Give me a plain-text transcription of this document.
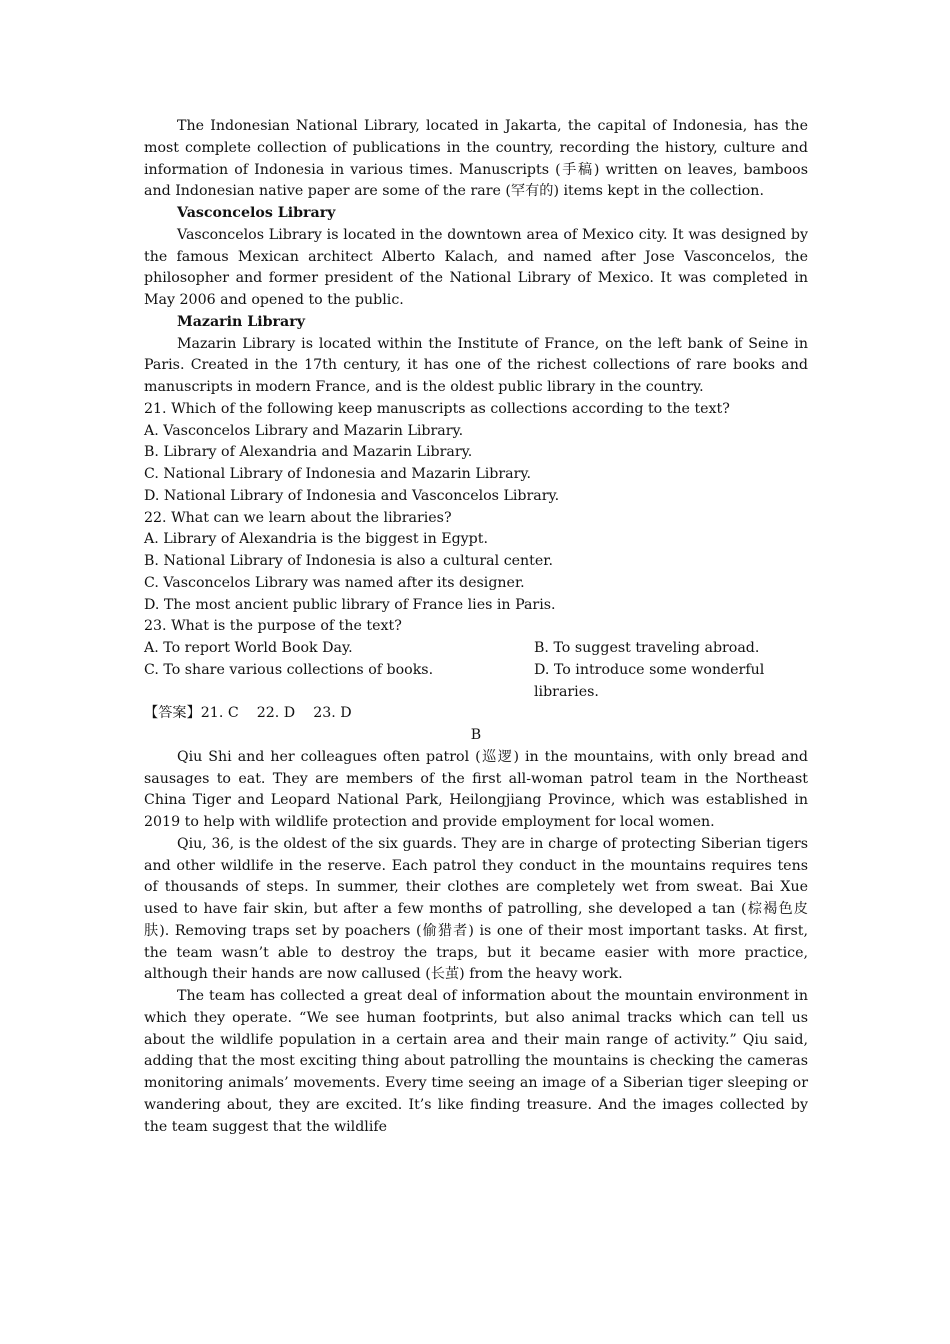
The Indonesian National Library, located in Jakarta, the capital of Indonesia, has the most complete collection of publications in the country, recording the history, culture and information of Indonesia in various times. Manuscripts (手稿) written on leaves, bamboos and Indonesian native paper are some of the rare (罕有的) items kept in the collection.

Vasconcelos Library

Vasconcelos Library is located in the downtown area of Mexico city. It was designed by the famous Mexican architect Alberto Kalach, and named after Jose Vasconcelos, the philosopher and former president of the National Library of Mexico. It was completed in May 2006 and opened to the public.

Mazarin Library

Mazarin Library is located within the Institute of France, on the left bank of Seine in Paris. Created in the 17th century, it has one of the richest collections of rare books and manuscripts in modern France, and is the oldest public library in the country.

21. Which of the following keep manuscripts as collections according to the text?

A. Vasconcelos Library and Mazarin Library.

B. Library of Alexandria and Mazarin Library.

C. National Library of Indonesia and Mazarin Library.

D. National Library of Indonesia and Vasconcelos Library.

22. What can we learn about the libraries?

A. Library of Alexandria is the biggest in Egypt.

B. National Library of Indonesia is also a cultural center.

C. Vasconcelos Library was named after its designer.

D. The most ancient public library of France lies in Paris.

23. What is the purpose of the text?

A. To report World Book Day.	B. To suggest traveling abroad.
C. To share various collections of books.	D. To introduce some wonderful libraries.

【答案】21. C    22. D    23. D

B

Qiu Shi and her colleagues often patrol (巡逻) in the mountains, with only bread and sausages to eat. They are members of the first all-woman patrol team in the Northeast China Tiger and Leopard National Park, Heilongjiang Province, which was established in 2019 to help with wildlife protection and provide employment for local women.

Qiu, 36, is the oldest of the six guards. They are in charge of protecting Siberian tigers and other wildlife in the reserve. Each patrol they conduct in the mountains requires tens of thousands of steps. In summer, their clothes are completely wet from sweat. Bai Xue used to have fair skin, but after a few months of patrolling, she developed a tan (棕褐色皮肤). Removing traps set by poachers (偷猎者) is one of their most important tasks. At first, the team wasn’t able to destroy the traps, but it became easier with more practice, although their hands are now callused (长茧) from the heavy work.

The team has collected a great deal of information about the mountain environment in which they operate. “We see human footprints, but also animal tracks which can tell us about the wildlife population in a certain area and their main range of activity.” Qiu said, adding that the most exciting thing about patrolling the mountains is checking the cameras monitoring animals’ movements. Every time seeing an image of a Siberian tiger sleeping or wandering about, they are excited. It’s like finding treasure. And the images collected by the team suggest that the wildlife
